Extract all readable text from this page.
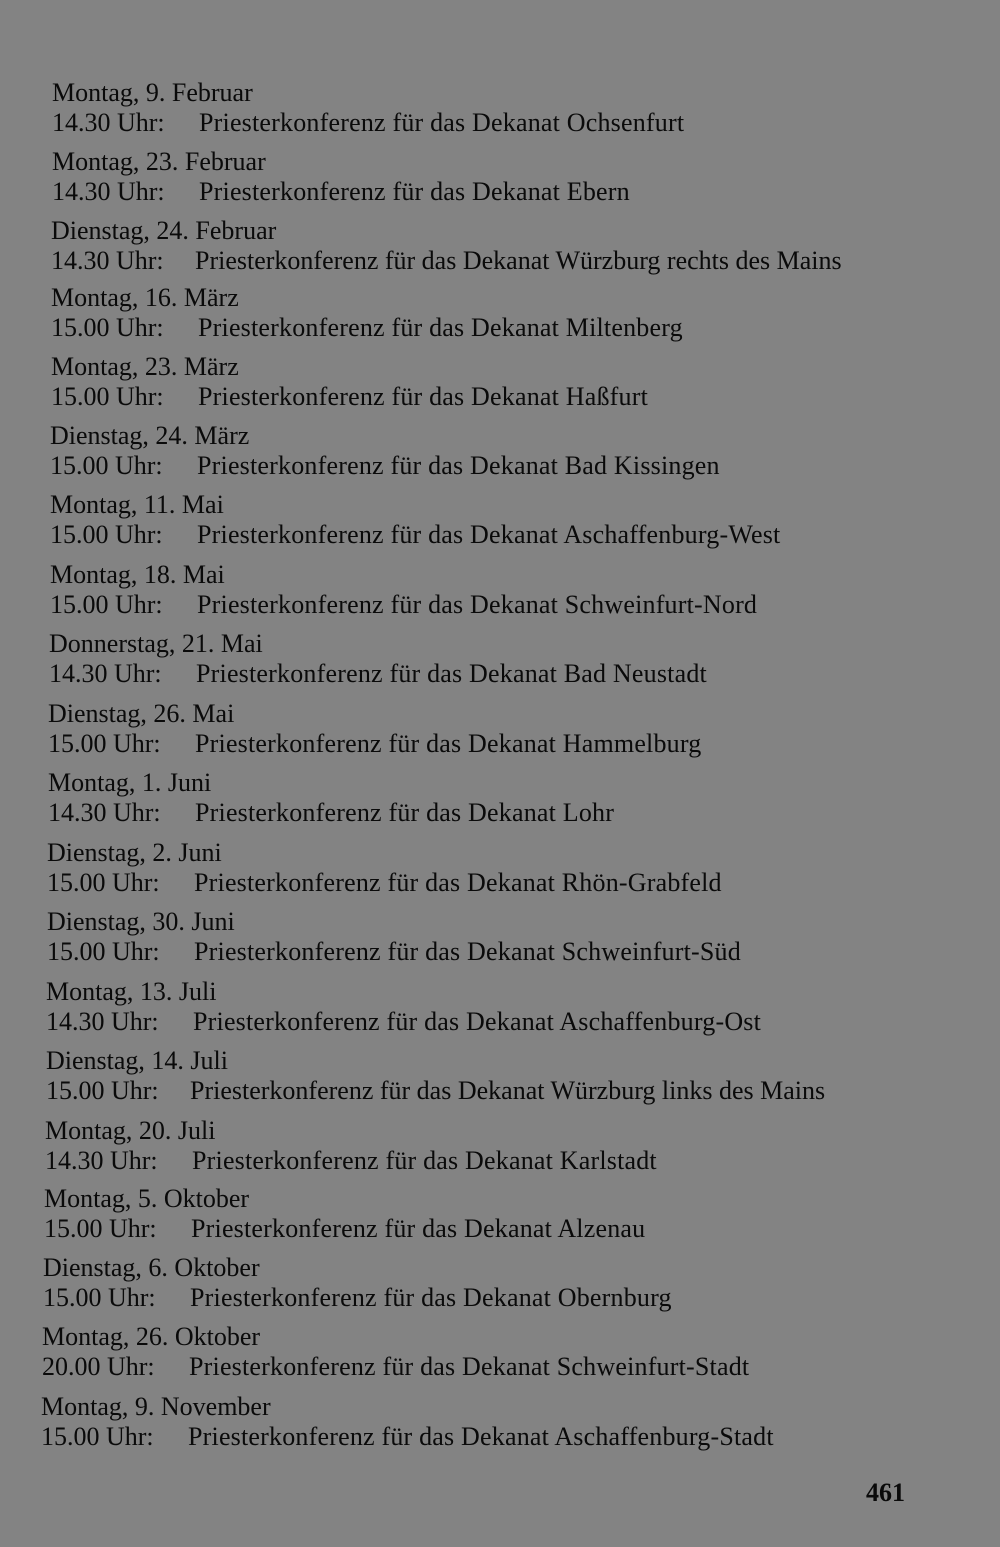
Montag, 9. Februar
14.30 Uhr:	Priesterkonferenz für das Dekanat Ochsenfurt
Montag, 23. Februar
14.30 Uhr:	Priesterkonferenz für das Dekanat Ebern
Dienstag, 24. Februar
14.30 Uhr:	Priesterkonferenz für das Dekanat Würzburg rechts des Mains
Montag, 16. März
15.00 Uhr:	Priesterkonferenz für das Dekanat Miltenberg
Montag, 23. März
15.00 Uhr:	Priesterkonferenz für das Dekanat Haßfurt
Dienstag, 24. März
15.00 Uhr:	Priesterkonferenz für das Dekanat Bad Kissingen
Montag, 11. Mai
15.00 Uhr:	Priesterkonferenz für das Dekanat Aschaffenburg-West
Montag, 18. Mai
15.00 Uhr:	Priesterkonferenz für das Dekanat Schweinfurt-Nord
Donnerstag, 21. Mai
14.30 Uhr:	Priesterkonferenz für das Dekanat Bad Neustadt
Dienstag, 26. Mai
15.00 Uhr:	Priesterkonferenz für das Dekanat Hammelburg
Montag, 1. Juni
14.30 Uhr:	Priesterkonferenz für das Dekanat Lohr
Dienstag, 2. Juni
15.00 Uhr:	Priesterkonferenz für das Dekanat Rhön-Grabfeld
Dienstag, 30. Juni
15.00 Uhr:	Priesterkonferenz für das Dekanat Schweinfurt-Süd
Montag, 13. Juli
14.30 Uhr:	Priesterkonferenz für das Dekanat Aschaffenburg-Ost
Dienstag, 14. Juli
15.00 Uhr:	Priesterkonferenz für das Dekanat Würzburg links des Mains
Montag, 20. Juli
14.30 Uhr:	Priesterkonferenz für das Dekanat Karlstadt
Montag, 5. Oktober
15.00 Uhr:	Priesterkonferenz für das Dekanat Alzenau
Dienstag, 6. Oktober
15.00 Uhr:	Priesterkonferenz für das Dekanat Obernburg
Montag, 26. Oktober
20.00 Uhr:	Priesterkonferenz für das Dekanat Schweinfurt-Stadt
Montag, 9. November
15.00 Uhr:	Priesterkonferenz für das Dekanat Aschaffenburg-Stadt
461
